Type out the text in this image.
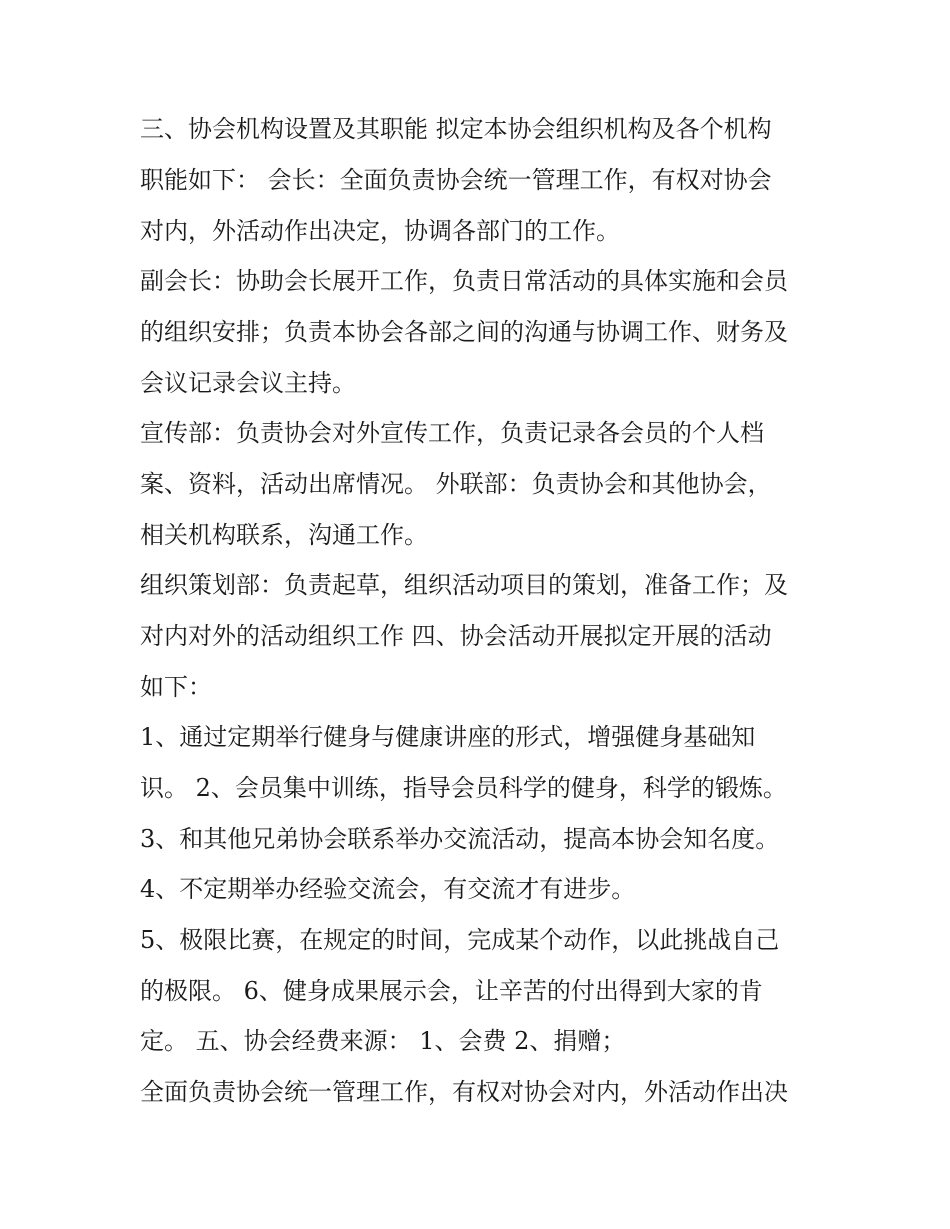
三、协会机构设置及其职能 拟定本协会组织机构及各个机构
职能如下： 会长：全面负责协会统一管理工作，有权对协会
对内，外活动作出决定，协调各部门的工作。
副会长：协助会长展开工作，负责日常活动的具体实施和会员
的组织安排；负责本协会各部之间的沟通与协调工作、财务及
会议记录会议主持。
宣传部：负责协会对外宣传工作，负责记录各会员的个人档
案、资料，活动出席情况。 外联部：负责协会和其他协会，
相关机构联系，沟通工作。
组织策划部：负责起草，组织活动项目的策划，准备工作；及
对内对外的活动组织工作 四、协会活动开展拟定开展的活动
如下：
1、通过定期举行健身与健康讲座的形式，增强健身基础知
识。 2、会员集中训练，指导会员科学的健身，科学的锻炼。
3、和其他兄弟协会联系举办交流活动，提高本协会知名度。
4、不定期举办经验交流会，有交流才有进步。
5、极限比赛，在规定的时间，完成某个动作，以此挑战自己
的极限。 6、健身成果展示会，让辛苦的付出得到大家的肯
定。 五、协会经费来源： 1、会费 2、捐赠；
全面负责协会统一管理工作，有权对协会对内，外活动作出决
